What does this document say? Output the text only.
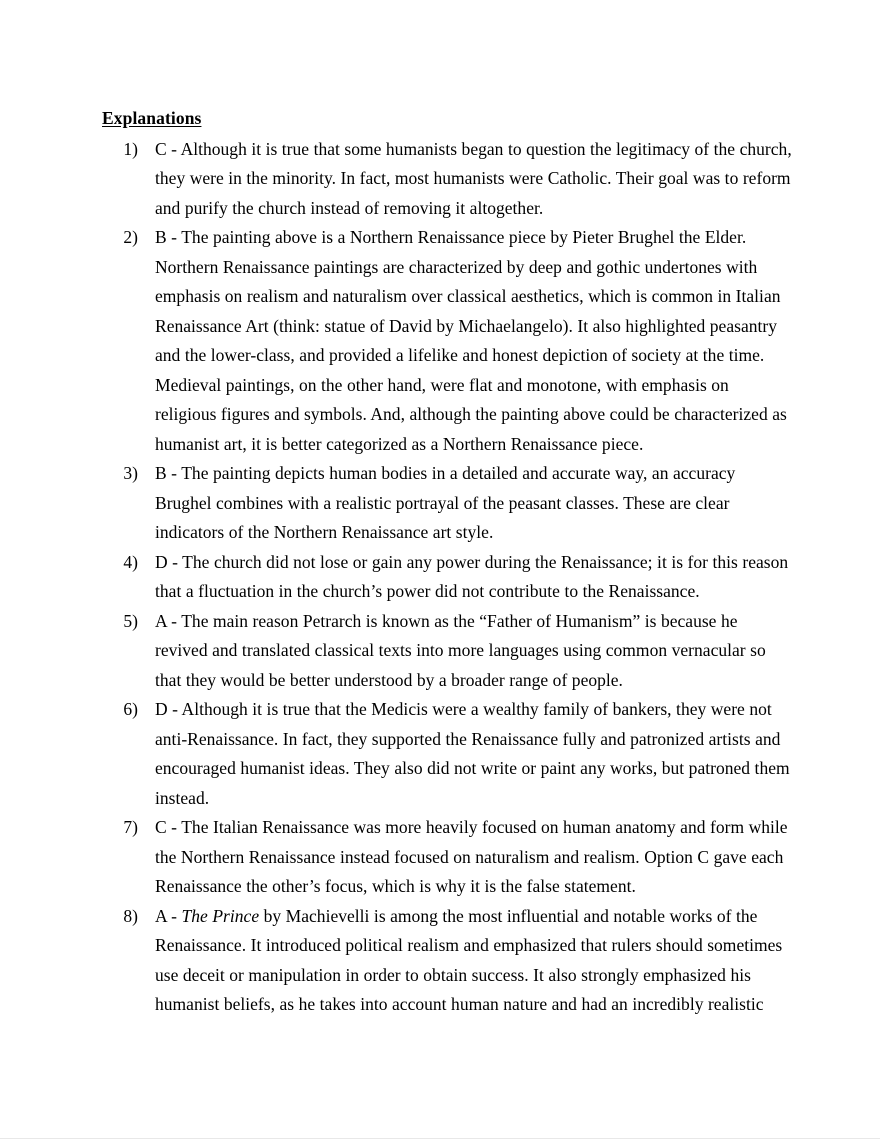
Explanations
1) C - Although it is true that some humanists began to question the legitimacy of the church, they were in the minority. In fact, most humanists were Catholic. Their goal was to reform and purify the church instead of removing it altogether.
2) B - The painting above is a Northern Renaissance piece by Pieter Brughel the Elder. Northern Renaissance paintings are characterized by deep and gothic undertones with emphasis on realism and naturalism over classical aesthetics, which is common in Italian Renaissance Art (think: statue of David by Michaelangelo). It also highlighted peasantry and the lower-class, and provided a lifelike and honest depiction of society at the time. Medieval paintings, on the other hand, were flat and monotone, with emphasis on religious figures and symbols. And, although the painting above could be characterized as humanist art, it is better categorized as a Northern Renaissance piece.
3) B - The painting depicts human bodies in a detailed and accurate way, an accuracy Brughel combines with a realistic portrayal of the peasant classes. These are clear indicators of the Northern Renaissance art style.
4) D - The church did not lose or gain any power during the Renaissance; it is for this reason that a fluctuation in the church’s power did not contribute to the Renaissance.
5) A - The main reason Petrarch is known as the “Father of Humanism” is because he revived and translated classical texts into more languages using common vernacular so that they would be better understood by a broader range of people.
6) D - Although it is true that the Medicis were a wealthy family of bankers, they were not anti-Renaissance. In fact, they supported the Renaissance fully and patronized artists and encouraged humanist ideas. They also did not write or paint any works, but patroned them instead.
7) C - The Italian Renaissance was more heavily focused on human anatomy and form while the Northern Renaissance instead focused on naturalism and realism. Option C gave each Renaissance the other’s focus, which is why it is the false statement.
8) A - The Prince by Machievelli is among the most influential and notable works of the Renaissance. It introduced political realism and emphasized that rulers should sometimes use deceit or manipulation in order to obtain success. It also strongly emphasized his humanist beliefs, as he takes into account human nature and had an incredibly realistic
